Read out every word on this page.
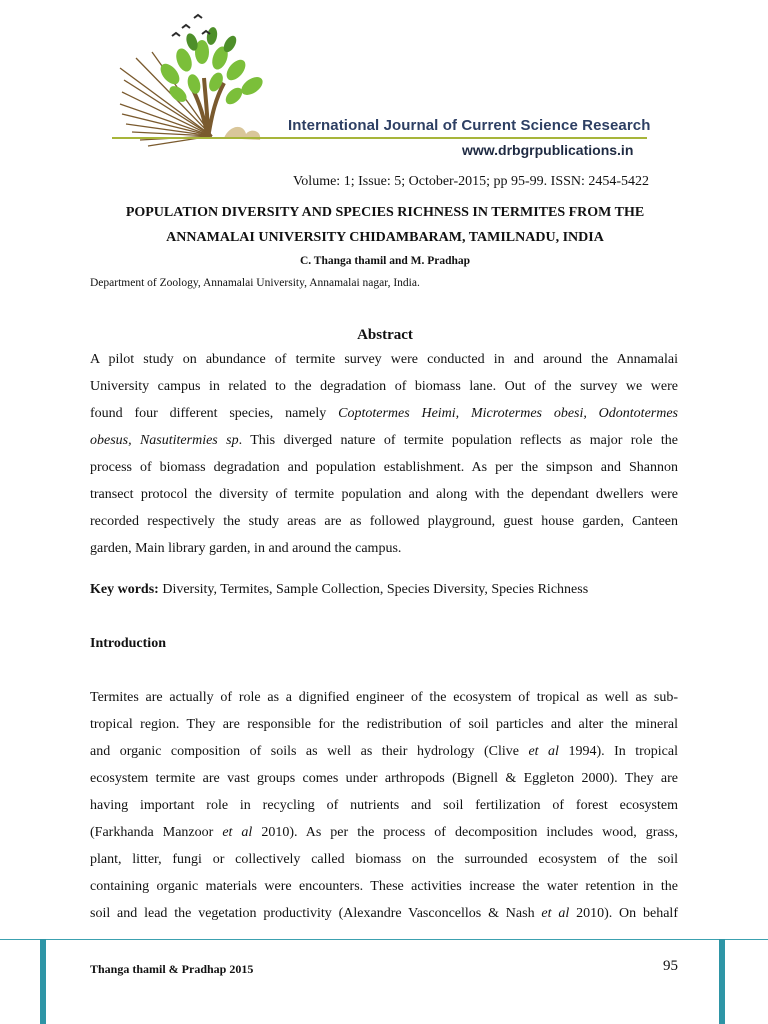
International Journal of Current Science Research
www.drbgrpublications.in
Volume: 1; Issue: 5; October-2015; pp 95-99. ISSN: 2454-5422
POPULATION DIVERSITY AND SPECIES RICHNESS IN TERMITES FROM THE
ANNAMALAI UNIVERSITY CHIDAMBARAM, TAMILNADU, INDIA
C. Thanga thamil and M. Pradhap
Department of Zoology, Annamalai University, Annamalai nagar, India.
Abstract
A pilot study on abundance of termite survey were conducted in and around the Annamalai
University campus in related to the degradation of biomass lane. Out of the survey we were
found four different species, namely Coptotermes Heimi, Microtermes obesi, Odontotermes
obesus, Nasutitermies sp. This diverged nature of termite population reflects as major role the
process of biomass degradation and population establishment. As per the simpson and Shannon
transect protocol the diversity of termite population and along with the dependant dwellers were
recorded respectively the study areas are as followed playground, guest house garden, Canteen
garden, Main library garden, in and around the campus.
Key words: Diversity, Termites, Sample Collection, Species Diversity, Species Richness
Introduction
Termites are actually of role as a dignified engineer of the ecosystem of tropical as well as sub-
tropical region. They are responsible for the redistribution of soil particles and alter the mineral
and organic composition of soils as well as their hydrology (Clive et al 1994). In tropical
ecosystem termite are vast groups comes under arthropods (Bignell & Eggleton 2000). They are
having important role in recycling of nutrients and soil fertilization of forest ecosystem
(Farkhanda Manzoor et al 2010). As per the process of decomposition includes wood, grass,
plant, litter, fungi or collectively called biomass on the surrounded ecosystem of the soil
containing organic materials were encounters. These activities increase the water retention in the
soil and lead the vegetation productivity (Alexandre Vasconcellos & Nash et al 2010). On behalf
Thanga thamil & Pradhap 2015	95
